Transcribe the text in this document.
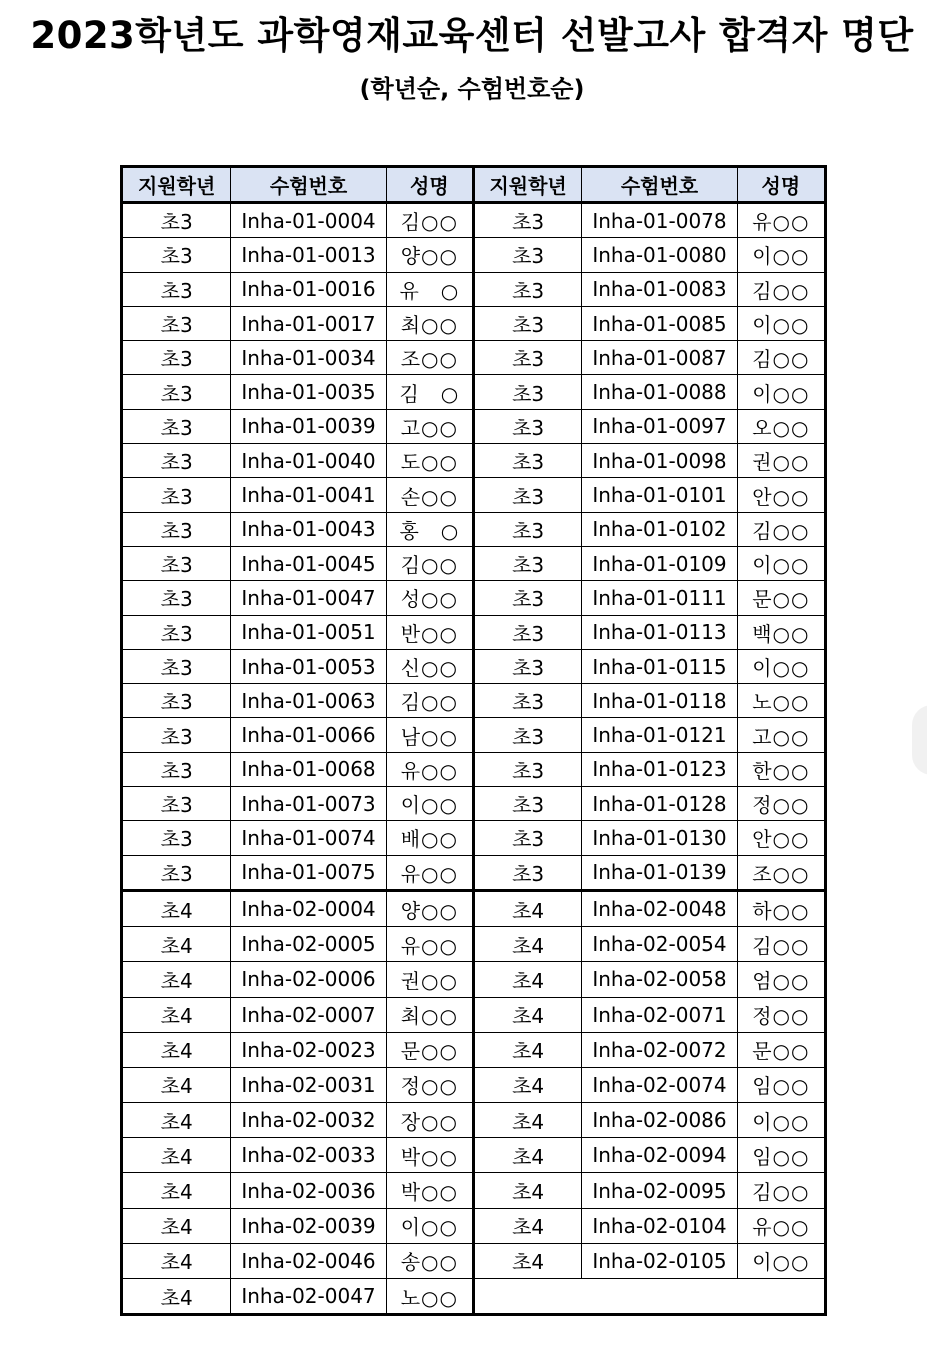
2023학년도 과학영재교육센터 선발고사 합격자 명단
(학년순, 수험번호순)
지원학년	수험번호	성명	지원학년	수험번호	성명
초3	Inha-01-0004	김○○	초3	Inha-01-0078	유○○
초3	Inha-01-0013	양○○	초3	Inha-01-0080	이○○
초3	Inha-01-0016	유　○	초3	Inha-01-0083	김○○
초3	Inha-01-0017	최○○	초3	Inha-01-0085	이○○
초3	Inha-01-0034	조○○	초3	Inha-01-0087	김○○
초3	Inha-01-0035	김　○	초3	Inha-01-0088	이○○
초3	Inha-01-0039	고○○	초3	Inha-01-0097	오○○
초3	Inha-01-0040	도○○	초3	Inha-01-0098	권○○
초3	Inha-01-0041	손○○	초3	Inha-01-0101	안○○
초3	Inha-01-0043	홍　○	초3	Inha-01-0102	김○○
초3	Inha-01-0045	김○○	초3	Inha-01-0109	이○○
초3	Inha-01-0047	성○○	초3	Inha-01-0111	문○○
초3	Inha-01-0051	반○○	초3	Inha-01-0113	백○○
초3	Inha-01-0053	신○○	초3	Inha-01-0115	이○○
초3	Inha-01-0063	김○○	초3	Inha-01-0118	노○○
초3	Inha-01-0066	남○○	초3	Inha-01-0121	고○○
초3	Inha-01-0068	유○○	초3	Inha-01-0123	한○○
초3	Inha-01-0073	이○○	초3	Inha-01-0128	정○○
초3	Inha-01-0074	배○○	초3	Inha-01-0130	안○○
초3	Inha-01-0075	유○○	초3	Inha-01-0139	조○○
초4	Inha-02-0004	양○○	초4	Inha-02-0048	하○○
초4	Inha-02-0005	유○○	초4	Inha-02-0054	김○○
초4	Inha-02-0006	권○○	초4	Inha-02-0058	엄○○
초4	Inha-02-0007	최○○	초4	Inha-02-0071	정○○
초4	Inha-02-0023	문○○	초4	Inha-02-0072	문○○
초4	Inha-02-0031	정○○	초4	Inha-02-0074	임○○
초4	Inha-02-0032	장○○	초4	Inha-02-0086	이○○
초4	Inha-02-0033	박○○	초4	Inha-02-0094	임○○
초4	Inha-02-0036	박○○	초4	Inha-02-0095	김○○
초4	Inha-02-0039	이○○	초4	Inha-02-0104	유○○
초4	Inha-02-0046	송○○	초4	Inha-02-0105	이○○
초4	Inha-02-0047	노○○			
